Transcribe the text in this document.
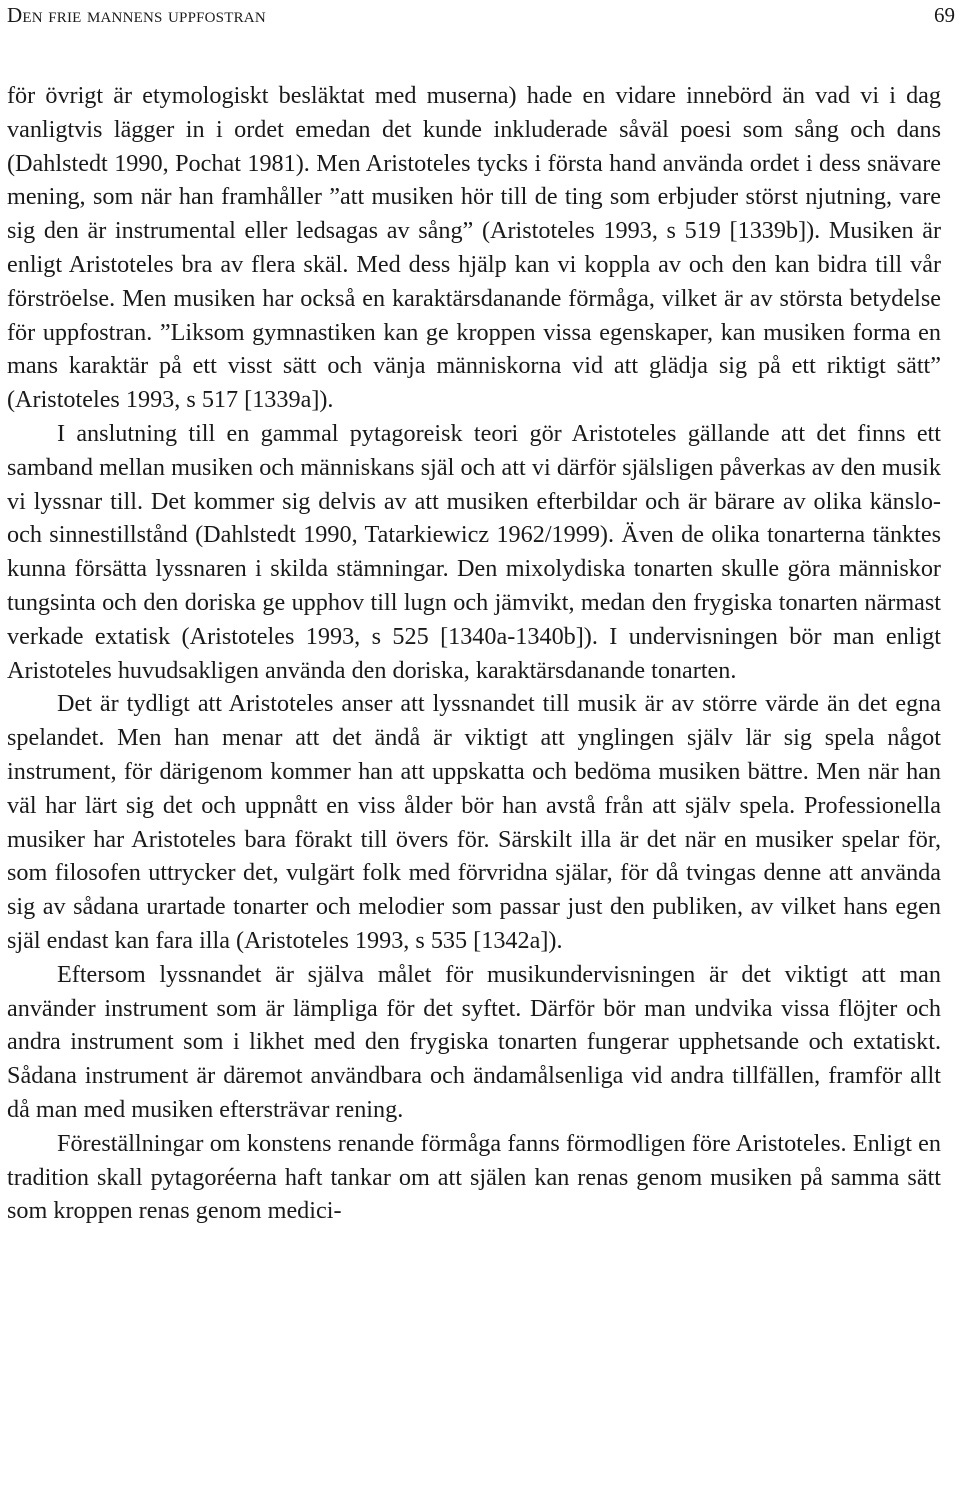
Den frie mannens uppfostran	69

för övrigt är etymologiskt besläktat med muserna) hade en vidare innebörd än vad vi i dag vanligtvis lägger in i ordet emedan det kunde inkluderade såväl poesi som sång och dans (Dahlstedt 1990, Pochat 1981). Men Aristoteles tycks i första hand använda ordet i dess snävare mening, som när han framhåller ”att musiken hör till de ting som erbjuder störst njutning, vare sig den är instrumental eller ledsagas av sång” (Aristoteles 1993, s 519 [1339b]). Musiken är enligt Aristoteles bra av flera skäl. Med dess hjälp kan vi koppla av och den kan bidra till vår förströelse. Men musiken har också en karaktärsdanande förmåga, vilket är av största betydelse för uppfostran. ”Liksom gymnastiken kan ge kroppen vissa egenskaper, kan musiken forma en mans karaktär på ett visst sätt och vänja människorna vid att glädja sig på ett riktigt sätt” (Aristoteles 1993, s 517 [1339a]).

I anslutning till en gammal pytagoreisk teori gör Aristoteles gällande att det finns ett samband mellan musiken och människans själ och att vi därför själsligen påverkas av den musik vi lyssnar till. Det kommer sig delvis av att musiken efterbildar och är bärare av olika känslo- och sinnestillstånd (Dahlstedt 1990, Tatarkiewicz 1962/1999). Även de olika tonarterna tänktes kunna försätta lyssnaren i skilda stämningar. Den mixolydiska tonarten skulle göra människor tungsinta och den doriska ge upphov till lugn och jämvikt, medan den frygiska tonarten närmast verkade extatisk (Aristoteles 1993, s 525 [1340a-1340b]). I undervisningen bör man enligt Aristoteles huvudsakligen använda den doriska, karaktärsdanande tonarten.

Det är tydligt att Aristoteles anser att lyssnandet till musik är av större värde än det egna spelandet. Men han menar att det ändå är viktigt att ynglingen själv lär sig spela något instrument, för därigenom kommer han att uppskatta och bedöma musiken bättre. Men när han väl har lärt sig det och uppnått en viss ålder bör han avstå från att själv spela. Professionella musiker har Aristoteles bara förakt till övers för. Särskilt illa är det när en musiker spelar för, som filosofen uttrycker det, vulgärt folk med förvridna själar, för då tvingas denne att använda sig av sådana urartade tonarter och melodier som passar just den publiken, av vilket hans egen själ endast kan fara illa (Aristoteles 1993, s 535 [1342a]).

Eftersom lyssnandet är själva målet för musikundervisningen är det viktigt att man använder instrument som är lämpliga för det syftet. Därför bör man undvika vissa flöjter och andra instrument som i likhet med den frygiska tonarten fungerar upphetsande och extatiskt. Sådana instrument är däremot användbara och ändamålsenliga vid andra tillfällen, framför allt då man med musiken eftersträvar rening.

Föreställningar om konstens renande förmåga fanns förmodligen före Aristoteles. Enligt en tradition skall pytagoréerna haft tankar om att själen kan renas genom musiken på samma sätt som kroppen renas genom medici-
